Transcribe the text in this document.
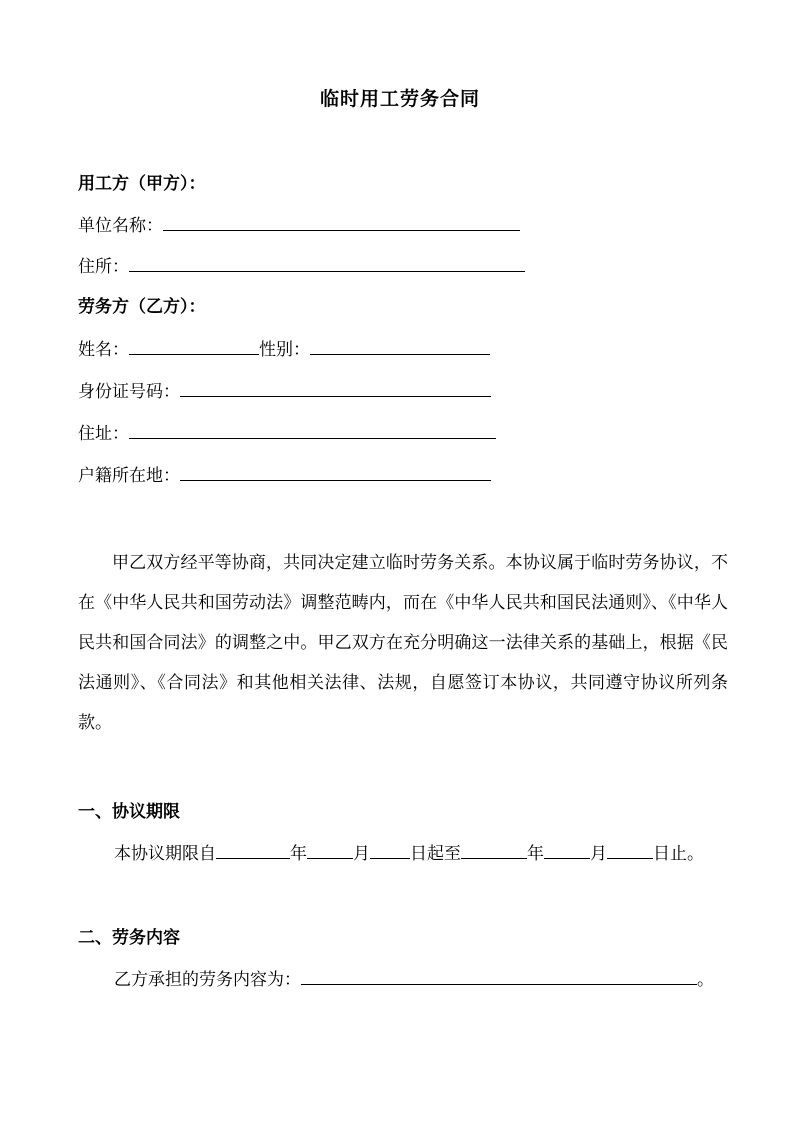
临时用工劳务合同
用工方（甲方）：
单位名称：
住所：
劳务方（乙方）：
姓名：	性别：
身份证号码：
住址：
户籍所在地：
甲乙双方经平等协商，共同决定建立临时劳务关系。本协议属于临时劳务协议，不在《中华人民共和国劳动法》调整范畴内，而在《中华人民共和国民法通则》、《中华人民共和国合同法》的调整之中。甲乙双方在充分明确这一法律关系的基础上，根据《民法通则》、《合同法》和其他相关法律、法规，自愿签订本协议，共同遵守协议所列条款。
一、协议期限
本协议期限自	年	月 日起至	年	月	日止。
二、劳务内容
乙方承担的劳务内容为：	。
